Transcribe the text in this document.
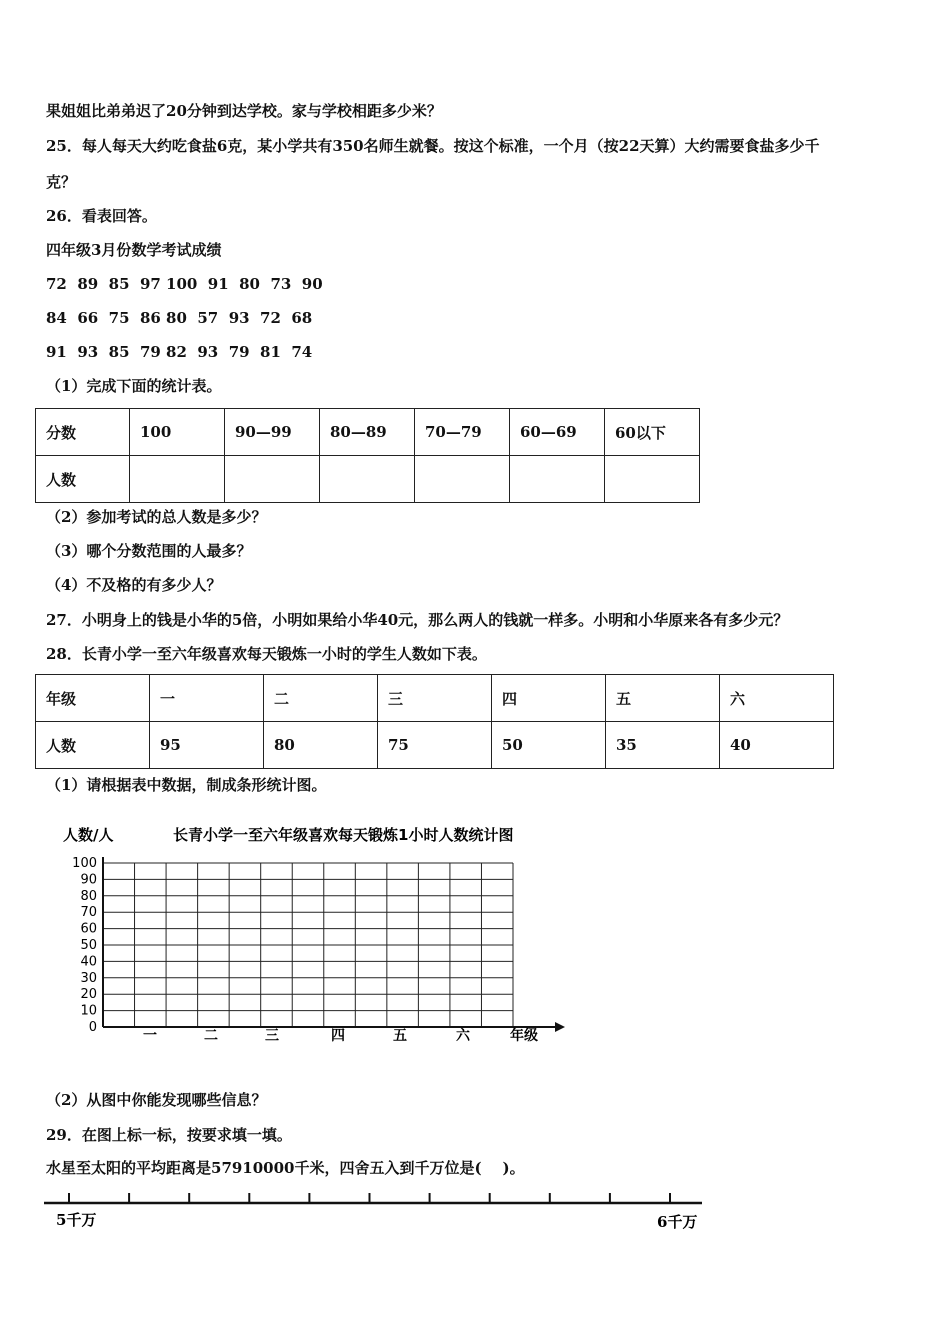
果姐姐比弟弟迟了20分钟到达学校。家与学校相距多少米？
25．每人每天大约吃食盐6克，某小学共有350名师生就餐。按这个标准，一个月（按22天算）大约需要食盐多少千
克？
26．看表回答。
四年级3月份数学考试成绩
72  89  85  97 100  91  80  73  90
84  66  75  86 80  57  93  72  68
91  93  85  79 82  93  79  81  74
（1）完成下面的统计表。
分数	100	90—99	80—89	70—79	60—69	60以下
人数						
（2）参加考试的总人数是多少？
（3）哪个分数范围的人最多？
（4）不及格的有多少人？
27．小明身上的钱是小华的5倍，小明如果给小华40元，那么两人的钱就一样多。小明和小华原来各有多少元？
28．长青小学一至六年级喜欢每天锻炼一小时的学生人数如下表。
年级	一	二	三	四	五	六
人数	95	80	75	50	35	40
（1）请根据表中数据，制成条形统计图。
人数/人	长青小学一至六年级喜欢每天锻炼1小时人数统计图
100
90
80
70
60
50
40
30
20
10
0
一	二	三	四	五	六	年级
（2）从图中你能发现哪些信息？
29．在图上标一标，按要求填一填。
水星至太阳的平均距离是57910000千米，四舍五入到千万位是(    )。
5千万	6千万
